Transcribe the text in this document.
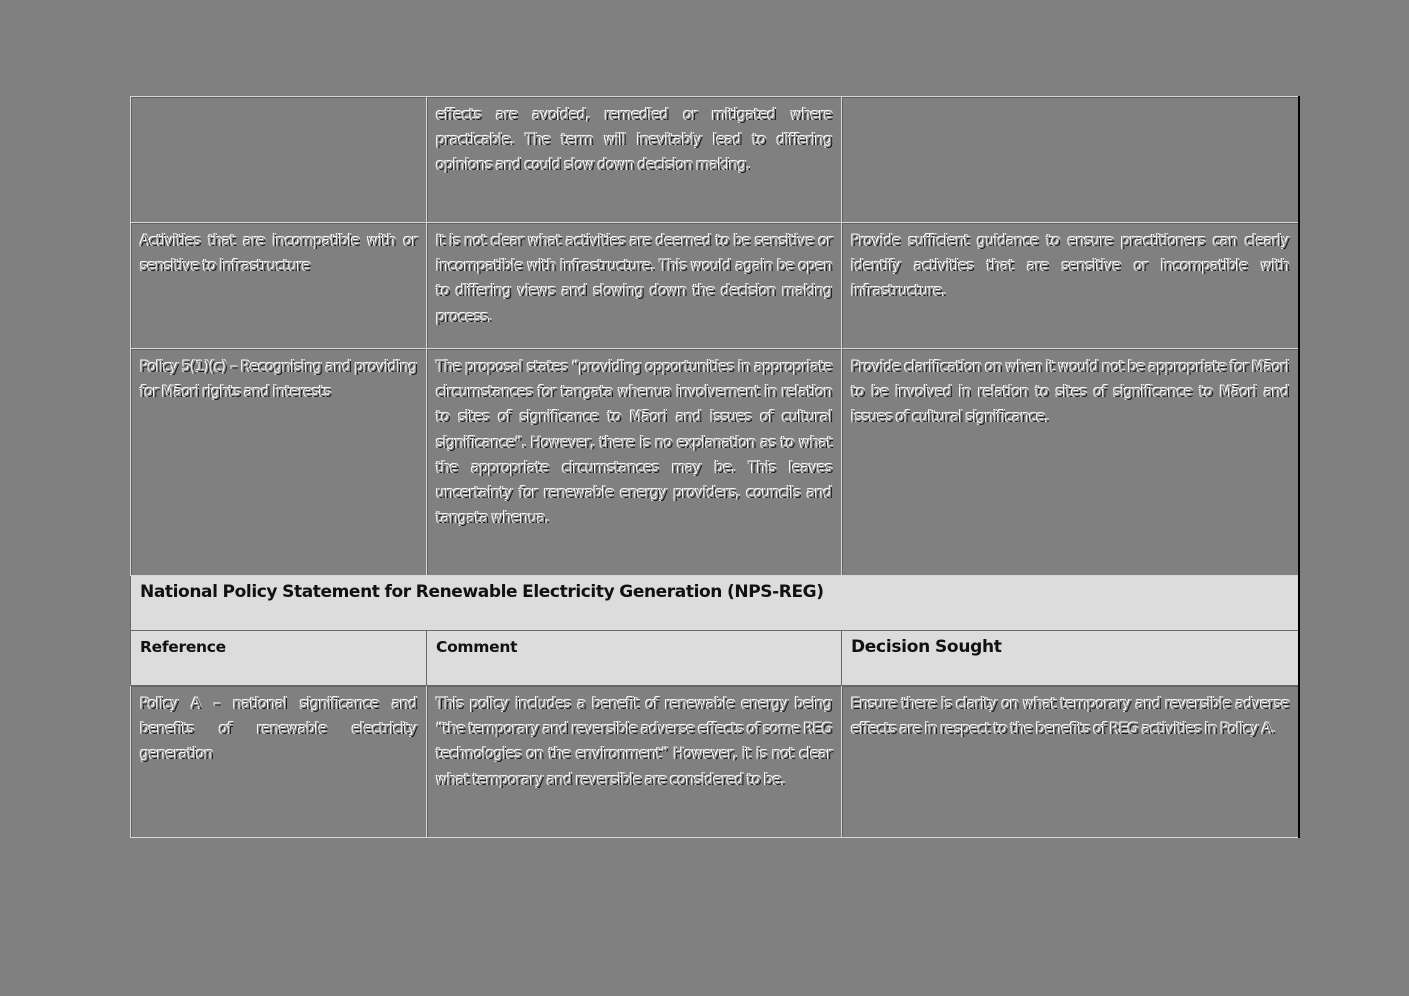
	effects are avoided, remedied or mitigated where practicable. The term will inevitably lead to differing opinions and could slow down decision making.	
Activities that are incompatible with or sensitive to infrastructure	It is not clear what activities are deemed to be sensitive or incompatible with infrastructure. This would again be open to differing views and slowing down the decision making process.	Provide sufficient guidance to ensure practitioners can clearly identify activities that are sensitive or incompatible with infrastructure.
Policy 5(1)(c) – Recognising and providing for Māori rights and interests	The proposal states “providing opportunities in appropriate circumstances for tangata whenua involvement in relation to sites of significance to Māori and issues of cultural significance”. However, there is no explanation as to what the appropriate circumstances may be. This leaves uncertainty for renewable energy providers, councils and tangata whenua.	Provide clarification on when it would not be appropriate for Māori to be involved in relation to sites of significance to Māori and issues of cultural significance.
National Policy Statement for Renewable Electricity Generation (NPS-REG)		
Reference	Comment	Decision Sought
Policy A – national significance and benefits of renewable electricity generation	This policy includes a benefit of renewable energy being “the temporary and reversible adverse effects of some REG technologies on the environment” However, it is not clear what temporary and reversible are considered to be.	Ensure there is clarity on what temporary and reversible adverse effects are in respect to the benefits of REG activities in Policy A.
